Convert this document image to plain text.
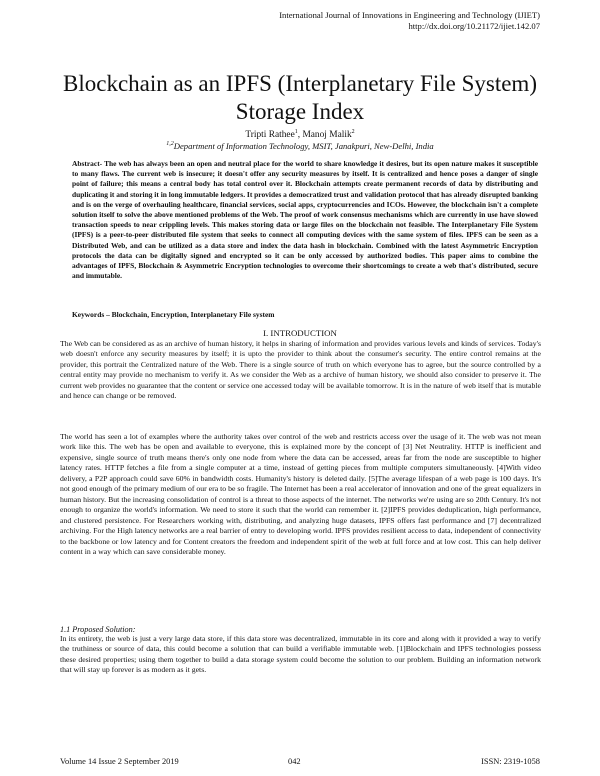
International Journal of Innovations in Engineering and Technology (IJIET)
http://dx.doi.org/10.21172/ijiet.142.07
Blockchain as an IPFS (Interplanetary File System) Storage Index
Tripti Rathee$^1$, Manoj Malik$^2$
$^{1,2}$Department of Information Technology, MSIT, Janakpuri, New-Delhi, India
Abstract- The web has always been an open and neutral place for the world to share knowledge it desires, but its open nature makes it susceptible to many flaws. The current web is insecure; it doesn't offer any security measures by itself. It is centralized and hence poses a danger of single point of failure; this means a central body has total control over it. Blockchain attempts create permanent records of data by distributing and duplicating it and storing it in long immutable ledgers. It provides a democratized trust and validation protocol that has already disrupted banking and is on the verge of overhauling healthcare, financial services, social apps, cryptocurrencies and ICOs. However, the blockchain isn't a complete solution itself to solve the above mentioned problems of the Web. The proof of work consensus mechanisms which are currently in use have slowed transaction speeds to near crippling levels. This makes storing data or large files on the blockchain not feasible. The Interplanetary File System (IPFS) is a peer-to-peer distributed file system that seeks to connect all computing devices with the same system of files. IPFS can be seen as a Distributed Web, and can be utilized as a data store and index the data hash in blockchain. Combined with the latest Asymmetric Encryption protocols the data can be digitally signed and encrypted so it can be only accessed by authorized bodies. This paper aims to combine the advantages of IPFS, Blockchain & Asymmetric Encryption technologies to overcome their shortcomings to create a web that's distributed, secure and immutable.
Keywords – Blockchain, Encryption, Interplanetary File system
I. INTRODUCTION
The Web can be considered as as an archive of human history, it helps in sharing of information and provides various levels and kinds of services. Today's web doesn't enforce any security measures by itself; it is upto the provider to think about the consumer's security. The entire control remains at the provider, this portrait the Centralized nature of the Web. There is a single source of truth on which everyone has to agree, but the source controlled by a central entity may provide no mechanism to verify it. As we consider the Web as a archive of human history, we should also consider to preserve it. The current web provides no guarantee that the content or service one accessed today will be available tomorrow. It is in the nature of web itself that is mutable and hence can change or be removed.
The world has seen a lot of examples where the authority takes over control of the web and restricts access over the usage of it. The web was not mean work like this. The web has be open and available to everyone, this is explained more by the concept of [3] Net Neutrality. HTTP is inefficient and expensive, single source of truth means there's only one node from where the data can be accessed, areas far from the node are susceptible to higher latency rates. HTTP fetches a file from a single computer at a time, instead of getting pieces from multiple computers simultaneously. [4]With video delivery, a P2P approach could save 60% in bandwidth costs. Humanity's history is deleted daily. [5]The average lifespan of a web page is 100 days. It's not good enough of the primary medium of our era to be so fragile. The Internet has been a real accelerator of innovation and one of the great equalizers in human history. But the increasing consolidation of control is a threat to those aspects of the internet. The networks we're using are so 20th Century. It's not enough to organize the world's information. We need to store it such that the world can remember it. [2]IPFS provides deduplication, high performance, and clustered persistence. For Researchers working with, distributing, and analyzing huge datasets, IPFS offers fast performance and [7] decentralized archiving. For the High latency networks are a real barrier of entry to developing world. IPFS provides resilient access to data, independent of connectivity to the backbone or low latency and for Content creators the freedom and independent spirit of the web at full force and at low cost. This can help deliver content in a way which can save considerable money.
1.1 Proposed Solution:
In its entirety, the web is just a very large data store, if this data store was decentralized, immutable in its core and along with it provided a way to verify the truthiness or source of data, this could become a solution that can build a verifiable immutable web. [1]Blockchain and IPFS technologies possess these desired properties; using them together to build a data storage system could become the solution to our problem. Building an information network that will stay up forever is as modern as it gets.
Volume 14 Issue 2 September 2019	042	ISSN: 2319-1058
